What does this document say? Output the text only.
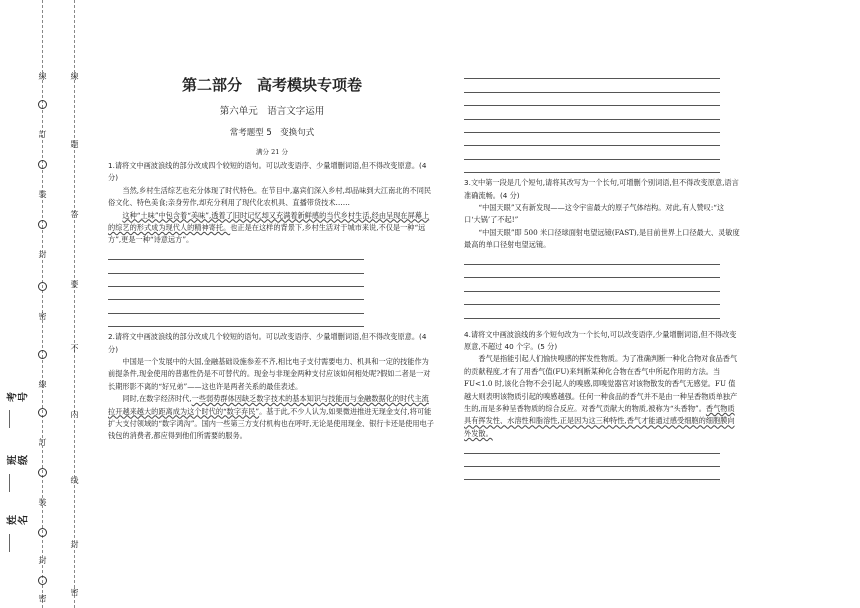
線
訂
裝
封
密
線
訂
裝
封
密
题
答
要
不
内
线
線
封
密
考号
班级
姓名
第二部分　高考模块专项卷
第六单元　语言文字运用
常考题型 5　变换句式
满分 21 分

1.请将文中画波浪线的部分改成四个较短的语句。可以改变语序、少量增删词语,但不得改变原意。(4 分)

当然,乡村生活综艺也充分体现了时代特色。在节目中,嘉宾们深入乡村,却品味到大江南北的不同民俗文化、特色美食;亲身劳作,却充分利用了现代化农机具、直播带货技术……

这种“土味”中包含着“美味”,透着了旧时记忆却又充满着新鲜感的当代乡村生活,经由呈现在屏幕上的综艺的形式成为现代人的精神寄托。也正是在这样的背景下,乡村生活对于城市来说,不仅是一种“远方”,更是一种“诗意远方”。

2.请将文中画波浪线的部分改成几个较短的语句。可以改变语序、少量增删词语,但不得改变原意。(4 分)

中国是一个发展中的大国,金融基础设施参差不齐,相比电子支付需要电力、机具和一定的技能作为前提条件,现金使用的普惠性仍是不可替代的。现金与非现金两种支付应该如何相处呢?假如二者是一对长期形影不离的“好兄弟”——这也许是两者关系的最佳表述。

同时,在数字经济时代,一些弱势群体因缺乏数字技术的基本知识与技能而与金融数据化的时代主流拉开越来越大的距离成为这个时代的“数字弃民”。基于此,不少人认为,如果微进推进无现金支付,将可能扩大支付领域的“数字鸿沟”。国内一些第三方支付机构也在呼吁,无论是使用现金、银行卡还是使用电子钱包的消费者,都应得到他们所需要的服务。

3.文中第一段是几个短句,请将其改写为一个长句,可增删个别词语,但不得改变原意,语言准确流畅。(4 分)

“中国天眼”又有新发现——这令宇宙最大的原子气体结构。对此,有人赞叹:“这口‘大锅’了不起!”

“中国天眼”即 500 米口径球面射电望远镜(FAST),是目前世界上口径最大、灵敏度最高的单口径射电望远镜。

4.请将文中画波浪线的多个短句改为一个长句,可以改变语序,少量增删词语,但不得改变原意,不超过 40 个字。(5 分)

香气是指能引起人们愉快嗅感的挥发性物质。为了准确判断一种化合物对食品香气的贡献程度,才有了用香气值(FU)来判断某种化合物在香气中所起作用的方法。当 FU<1.0 时,该化合物不会引起人的嗅感,即嗅觉器官对该物散发的香气无感觉。FU 值越大则表明该物质引起的嗅感越强。任何一种食品的香气并不是由一种呈香物质单独产生的,而是多种呈香物质的综合反应。对香气贡献大的物质,被称为“头香物”。香气物质具有挥发性、水溶性和脂溶性,正是因为这三种特性,香气才能通过感受细胞的细胞膜向外发散。
